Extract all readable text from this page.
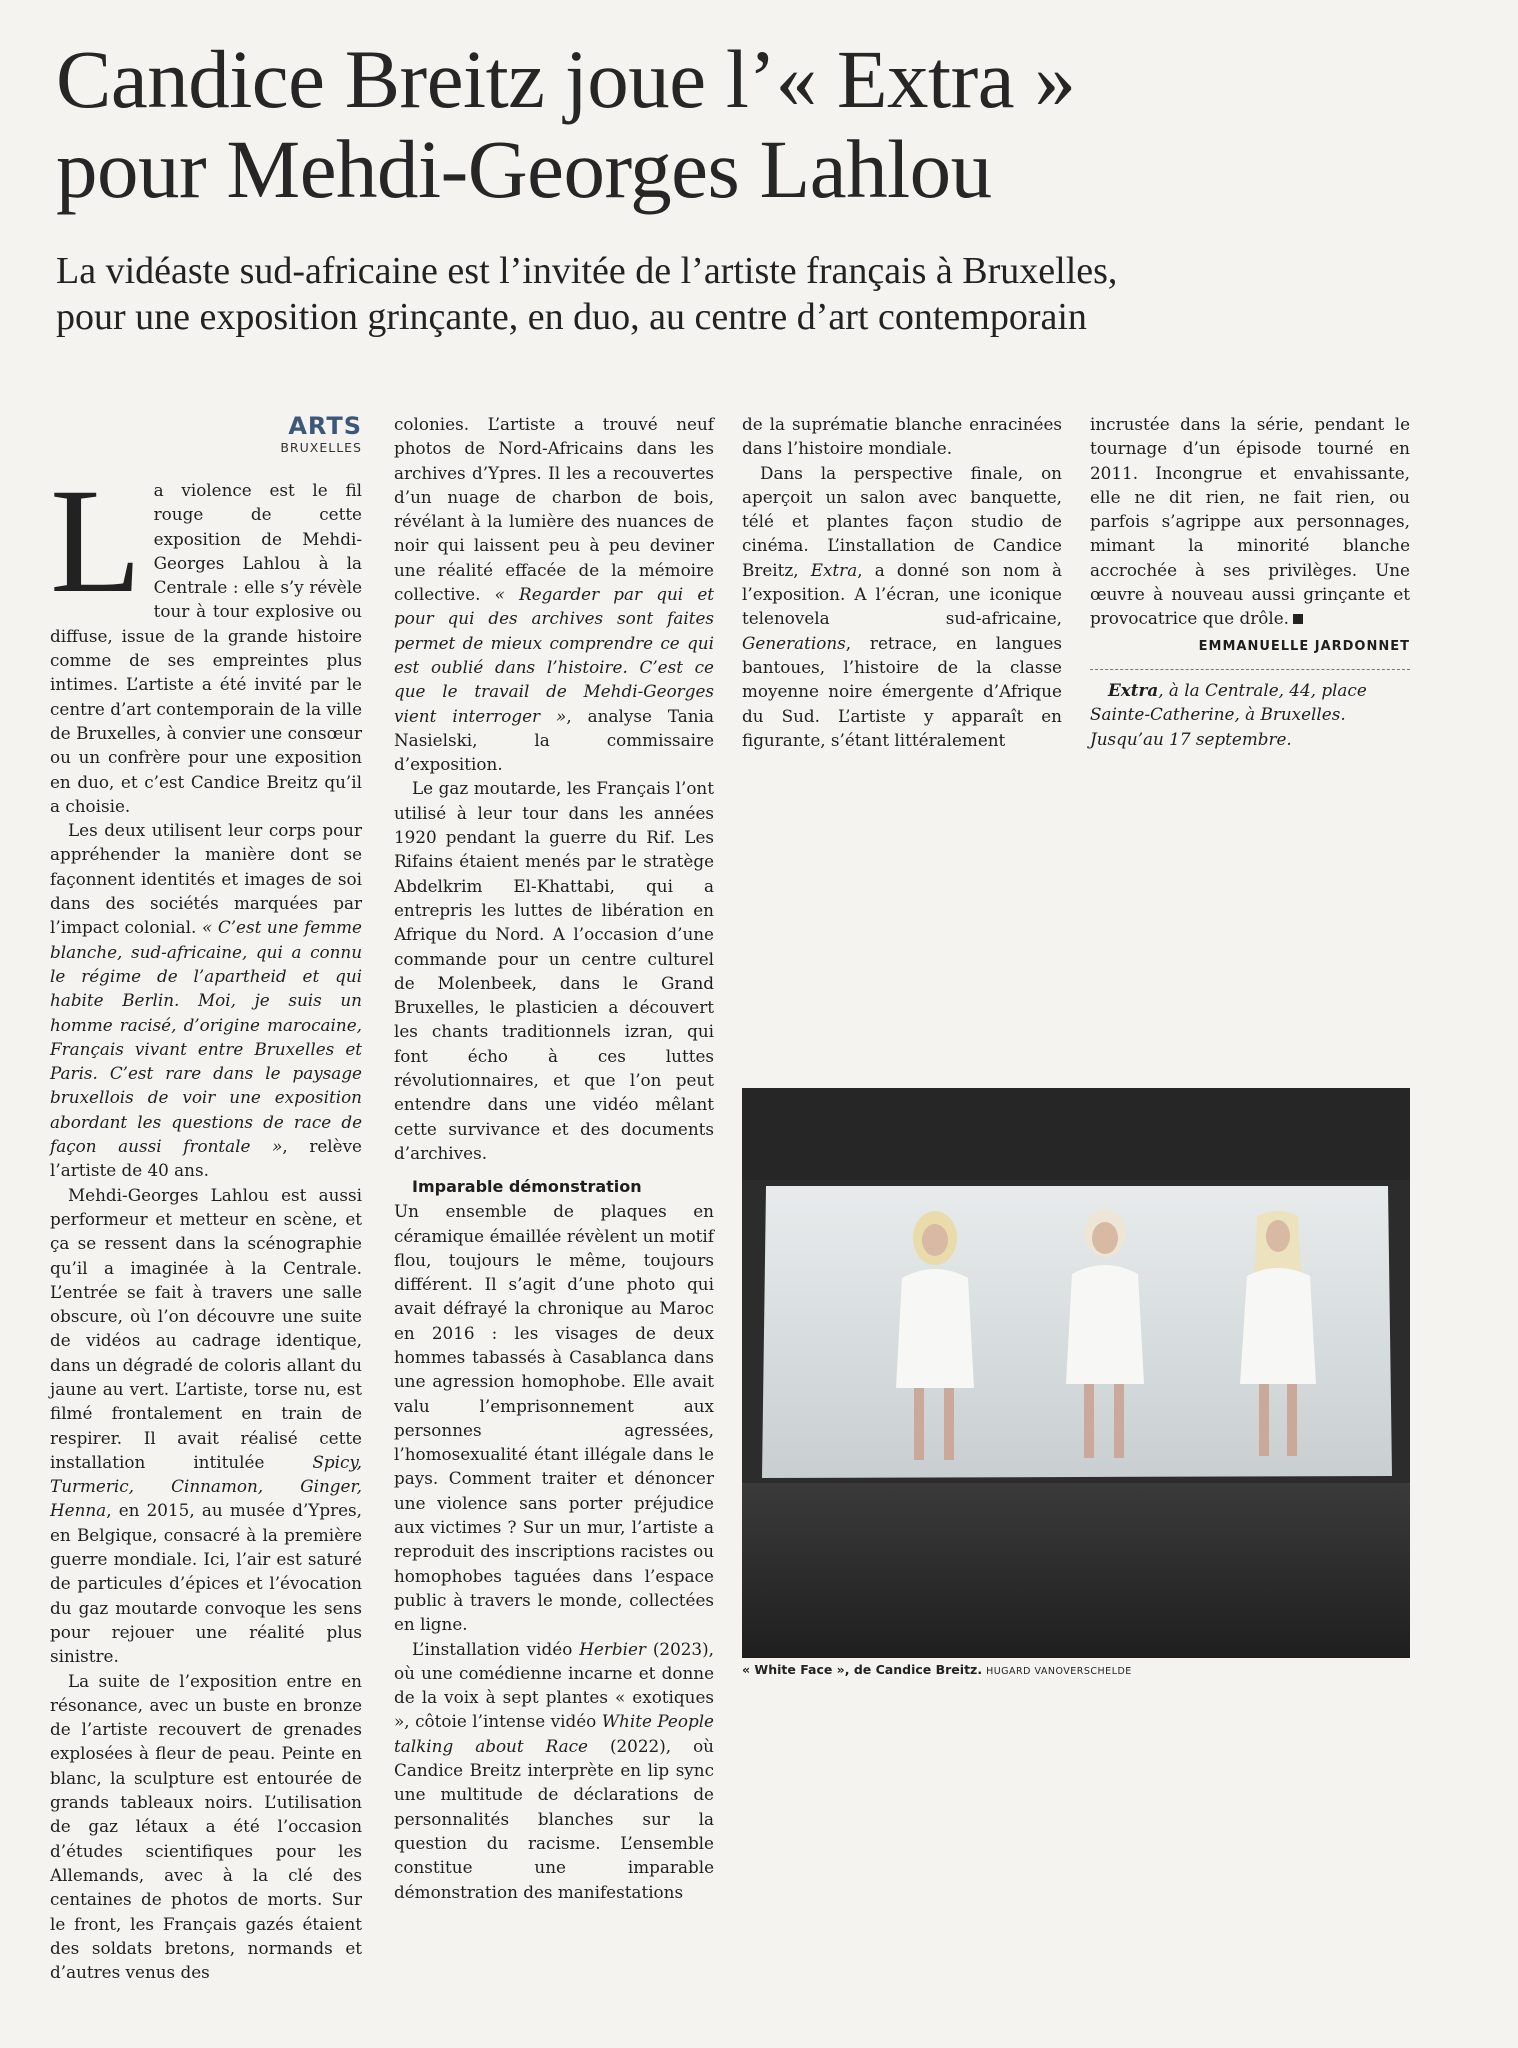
Candice Breitz joue l’« Extra »
pour Mehdi-Georges Lahlou
La vidéaste sud-africaine est l’invitée de l’artiste français à Bruxelles,
pour une exposition grinçante, en duo, au centre d’art contemporain
ARTS
BRUXELLES

La violence est le fil rouge de cette exposition de Mehdi-Georges Lahlou à la Centrale : elle s’y révèle tour à tour explosive ou diffuse, issue de la grande histoire comme de ses empreintes plus intimes. L’artiste a été invité par le centre d’art contemporain de la ville de Bruxelles, à convier une consœur ou un confrère pour une exposition en duo, et c’est Candice Breitz qu’il a choisie.

Les deux utilisent leur corps pour appréhender la manière dont se façonnent identités et images de soi dans des sociétés marquées par l’impact colonial. « C’est une femme blanche, sud-africaine, qui a connu le régime de l’apartheid et qui habite Berlin. Moi, je suis un homme racisé, d’origine marocaine, Français vivant entre Bruxelles et Paris. C’est rare dans le paysage bruxellois de voir une exposition abordant les questions de race de façon aussi frontale », relève l’artiste de 40 ans.

Mehdi-Georges Lahlou est aussi performeur et metteur en scène, et ça se ressent dans la scénographie qu’il a imaginée à la Centrale. L’entrée se fait à travers une salle obscure, où l’on découvre une suite de vidéos au cadrage identique, dans un dégradé de coloris allant du jaune au vert. L’artiste, torse nu, est filmé frontalement en train de respirer. Il avait réalisé cette installation intitulée Spicy, Turmeric, Cinnamon, Ginger, Henna, en 2015, au musée d’Ypres, en Belgique, consacré à la première guerre mondiale. Ici, l’air est saturé de particules d’épices et l’évocation du gaz moutarde convoque les sens pour rejouer une réalité plus sinistre.

La suite de l’exposition entre en résonance, avec un buste en bronze de l’artiste recouvert de grenades explosées à fleur de peau. Peinte en blanc, la sculpture est entourée de grands tableaux noirs. L’utilisation de gaz létaux a été l’occasion d’études scientifiques pour les Allemands, avec à la clé des centaines de photos de morts. Sur le front, les Français gazés étaient des soldats bretons, normands et d’autres venus des

colonies. L’artiste a trouvé neuf photos de Nord-Africains dans les archives d’Ypres. Il les a recouvertes d’un nuage de charbon de bois, révélant à la lumière des nuances de noir qui laissent peu à peu deviner une réalité effacée de la mémoire collective. « Regarder par qui et pour qui des archives sont faites permet de mieux comprendre ce qui est oublié dans l’histoire. C’est ce que le travail de Mehdi-Georges vient interroger », analyse Tania Nasielski, la commissaire d’exposition.

Le gaz moutarde, les Français l’ont utilisé à leur tour dans les années 1920 pendant la guerre du Rif. Les Rifains étaient menés par le stratège Abdelkrim El-Khattabi, qui a entrepris les luttes de libération en Afrique du Nord. A l’occasion d’une commande pour un centre culturel de Molenbeek, dans le Grand Bruxelles, le plasticien a découvert les chants traditionnels izran, qui font écho à ces luttes révolutionnaires, et que l’on peut entendre dans une vidéo mêlant cette survivance et des documents d’archives.

Imparable démonstration

Un ensemble de plaques en céramique émaillée révèlent un motif flou, toujours le même, toujours différent. Il s’agit d’une photo qui avait défrayé la chronique au Maroc en 2016 : les visages de deux hommes tabassés à Casablanca dans une agression homophobe. Elle avait valu l’emprisonnement aux personnes agressées, l’homosexualité étant illégale dans le pays. Comment traiter et dénoncer une violence sans porter préjudice aux victimes ? Sur un mur, l’artiste a reproduit des inscriptions racistes ou homophobes taguées dans l’espace public à travers le monde, collectées en ligne.

L’installation vidéo Herbier (2023), où une comédienne incarne et donne de la voix à sept plantes « exotiques », côtoie l’intense vidéo White People talking about Race (2022), où Candice Breitz interprète en lip sync une multitude de déclarations de personnalités blanches sur la question du racisme. L’ensemble constitue une imparable démonstration des manifestations

de la suprématie blanche enracinées dans l’histoire mondiale.

Dans la perspective finale, on aperçoit un salon avec banquette, télé et plantes façon studio de cinéma. L’installation de Candice Breitz, Extra, a donné son nom à l’exposition. A l’écran, une iconique telenovela sud-africaine, Generations, retrace, en langues bantoues, l’histoire de la classe moyenne noire émergente d’Afrique du Sud. L’artiste y apparaît en figurante, s’étant littéralement

incrustée dans la série, pendant le tournage d’un épisode tourné en 2011. Incongrue et envahissante, elle ne dit rien, ne fait rien, ou parfois s’agrippe aux personnages, mimant la minorité blanche accrochée à ses privilèges. Une œuvre à nouveau aussi grinçante et provocatrice que drôle.

EMMANUELLE JARDONNET

Extra, à la Centrale, 44, place Sainte-Catherine, à Bruxelles. Jusqu’au 17 septembre.

« White Face », de Candice Breitz. HUGARD VANOVERSCHELDE
